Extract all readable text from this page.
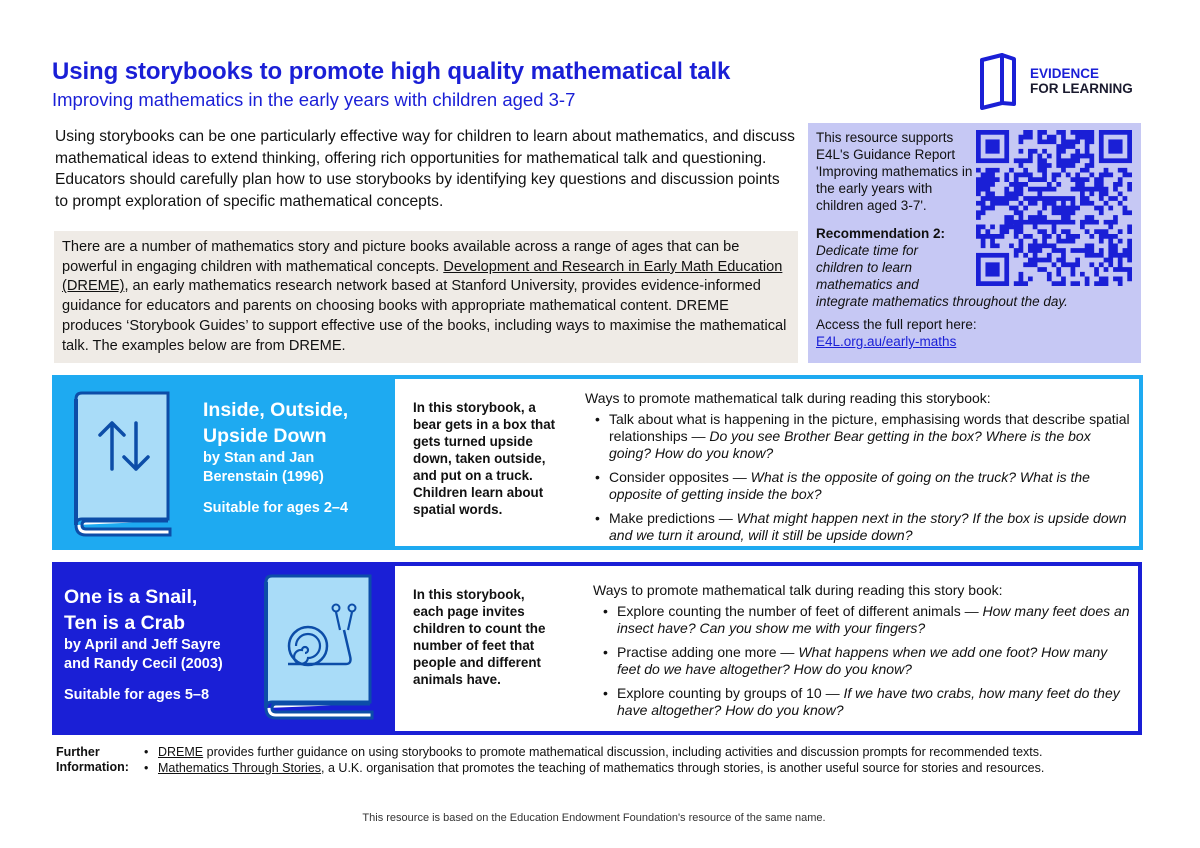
Using storybooks to promote high quality mathematical talk
Improving mathematics in the early years with children aged 3-7
EVIDENCE
FOR LEARNING
Using storybooks can be one particularly effective way for children to learn about mathematics, and discuss mathematical ideas to extend thinking, offering rich opportunities for mathematical talk and questioning. Educators should carefully plan how to use storybooks by identifying key questions and discussion points to prompt exploration of specific mathematical concepts.
There are a number of mathematics story and picture books available across a range of ages that can be powerful in engaging children with mathematical concepts. Development and Research in Early Math Education (DREME), an early mathematics research network based at Stanford University, provides evidence-informed guidance for educators and parents on choosing books with appropriate mathematical content. DREME produces ‘Storybook Guides’ to support effective use of the books, including ways to maximise the mathematical talk. The examples below are from DREME.
This resource supports E4L's Guidance Report 'Improving mathematics in the early years with children aged 3-7'.
Recommendation 2:
Dedicate time for children to learn mathematics and
integrate mathematics throughout the day.
Access the full report here:
E4L.org.au/early-maths
Inside, Outside,
Upside Down
by Stan and Jan
Berenstain (1996)
Suitable for ages 2–4
In this storybook, a bear gets in a box that gets turned upside down, taken outside, and put on a truck. Children learn about spatial words.
Ways to promote mathematical talk during reading this storybook:
• Talk about what is happening in the picture, emphasising words that describe spatial relationships — Do you see Brother Bear getting in the box? Where is the box going? How do you know?
• Consider opposites — What is the opposite of going on the truck? What is the opposite of getting inside the box?
• Make predictions — What might happen next in the story? If the box is upside down and we turn it around, will it still be upside down?
One is a Snail,
Ten is a Crab
by April and Jeff Sayre
and Randy Cecil (2003)
Suitable for ages 5–8
In this storybook, each page invites children to count the number of feet that people and different animals have.
Ways to promote mathematical talk during reading this story book:
• Explore counting the number of feet of different animals — How many feet does an insect have? Can you show me with your fingers?
• Practise adding one more — What happens when we add one foot? How many feet do we have altogether? How do you know?
• Explore counting by groups of 10 — If we have two crabs, how many feet do they have altogether? How do you know?
Further
Information:
• DREME provides further guidance on using storybooks to promote mathematical discussion, including activities and discussion prompts for recommended texts.
• Mathematics Through Stories, a U.K. organisation that promotes the teaching of mathematics through stories, is another useful source for stories and resources.
This resource is based on the Education Endowment Foundation's resource of the same name.
